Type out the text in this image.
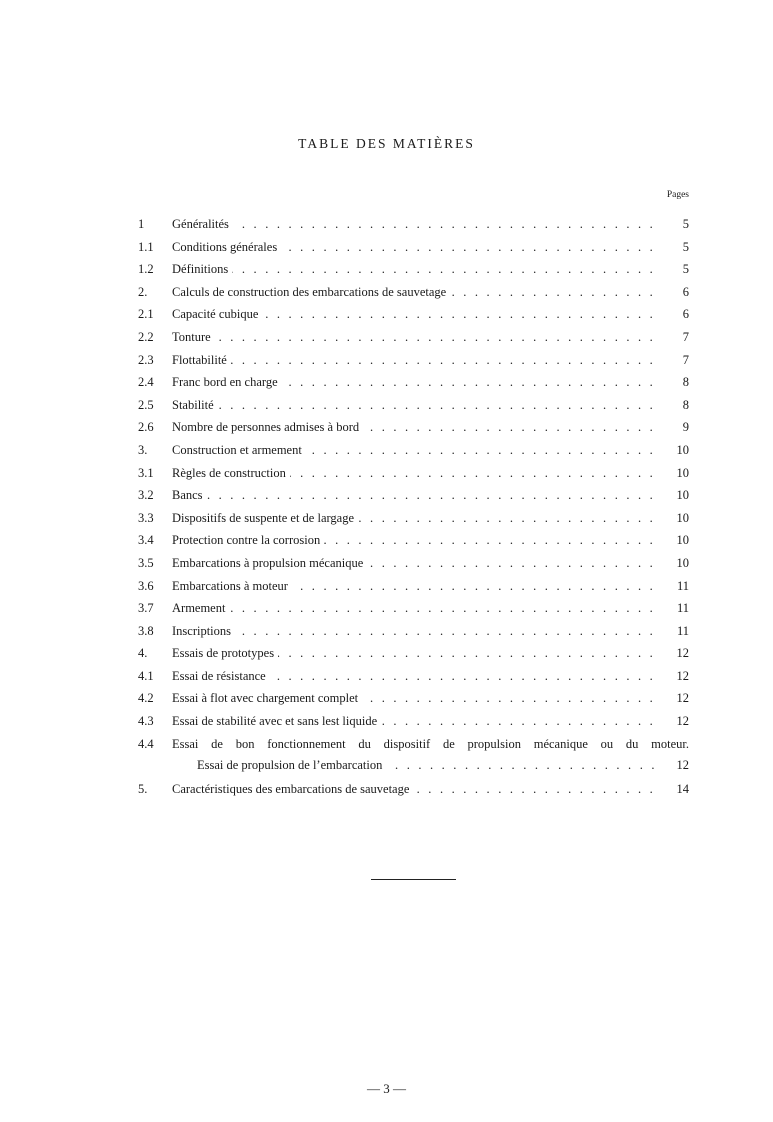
TABLE DES MATIÈRES
Pages
1	Généralités . . .	5
1.1	Conditions générales . . .	5
1.2	Définitions . . .	5
2.	Calculs de construction des embarcations de sauvetage . . .	6
2.1	Capacité cubique . . .	6
2.2	Tonture . . .	7
2.3	Flottabilité . . .	7
2.4	Franc bord en charge . . .	8
2.5	Stabilité . . .	8
2.6	Nombre de personnes admises à bord . . .	9
3.	Construction et armement . . .	10
3.1	Règles de construction . . .	10
3.2	Bancs . . .	10
3.3	Dispositifs de suspente et de largage . . .	10
3.4	Protection contre la corrosion . . .	10
3.5	Embarcations à propulsion mécanique . . .	10
3.6	Embarcations à moteur . . .	11
3.7	Armement . . .	11
3.8	Inscriptions . . .	11
4.	Essais de prototypes . . .	12
4.1	Essai de résistance . . .	12
4.2	Essai à flot avec chargement complet . . .	12
4.3	Essai de stabilité avec et sans lest liquide . . .	12
4.4	Essai de bon fonctionnement du dispositif de propulsion mécanique ou du moteur.
Essai de propulsion de l’embarcation . . .	12
5.	Caractéristiques des embarcations de sauvetage . . .	14
— 3 —
